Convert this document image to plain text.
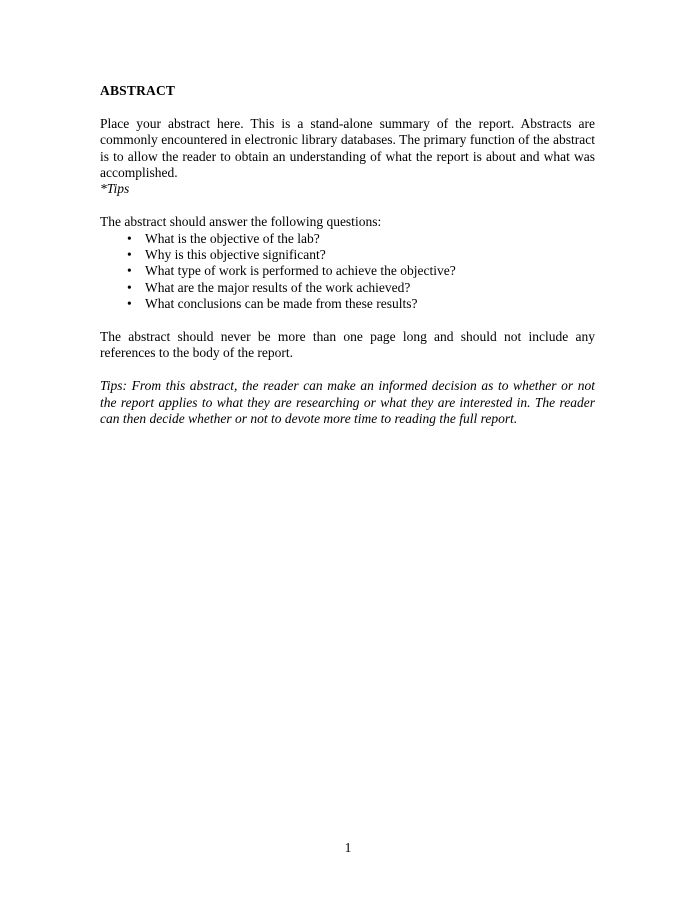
ABSTRACT

Place your abstract here. This is a stand-alone summary of the report. Abstracts are commonly encountered in electronic library databases. The primary function of the abstract is to allow the reader to obtain an understanding of what the report is about and what was accomplished.

*Tips

The abstract should answer the following questions:

• What is the objective of the lab?
• Why is this objective significant?
• What type of work is performed to achieve the objective?
• What are the major results of the work achieved?
• What conclusions can be made from these results?

The abstract should never be more than one page long and should not include any references to the body of the report.

Tips: From this abstract, the reader can make an informed decision as to whether or not the report applies to what they are researching or what they are interested in. The reader can then decide whether or not to devote more time to reading the full report.

1
